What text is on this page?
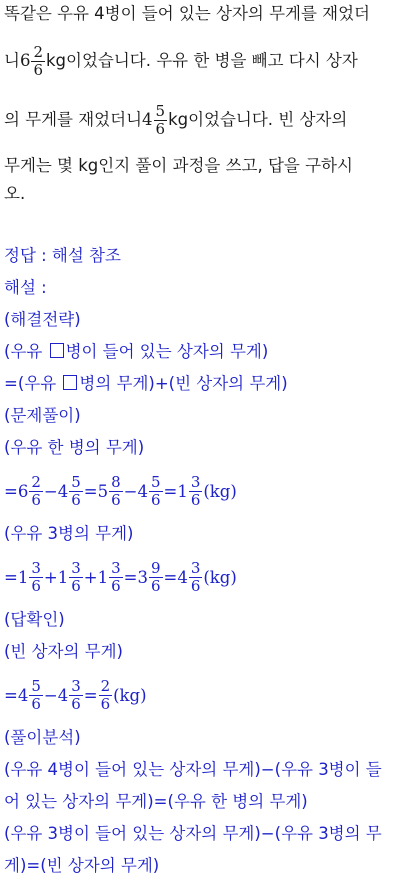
똑같은 우유 4병이 들어 있는 상자의 무게를 재었더
니 $6 \frac{2}{6}$ kg이었습니다. 우유 한 병을 빼고 다시 상자
의 무게를 재었더니 $4 \frac{5}{6}$ kg이었습니다. 빈 상자의
무게는 몇 kg인지 풀이 과정을 쓰고, 답을 구하시
오.
정답 : 해설 참조
해설 :
(해결전략)
(우유 병이 들어 있는 상자의 무게)
=(우유 병의 무게)+(빈 상자의 무게)
(문제풀이)
(우유 한 병의 무게)
= $6 \frac{2}{6} - 4 \frac{5}{6} = 5 \frac{8}{6} - 4 \frac{5}{6} = 1 \frac{3}{6} (kg)$
(우유 3병의 무게)
= $1 \frac{3}{6} + 1 \frac{3}{6} + 1 \frac{3}{6} = 3 \frac{9}{6} = 4 \frac{3}{6} (kg)$
(답확인)
(빈 상자의 무게)
= $4 \frac{5}{6} - 4 \frac{3}{6} = \frac{2}{6} (kg)$
(풀이분석)
(우유 4병이 들어 있는 상자의 무게)−(우유 3병이 들
어 있는 상자의 무게)=(우유 한 병의 무게)
(우유 3병이 들어 있는 상자의 무게)−(우유 3병의 무
게)=(빈 상자의 무게)
